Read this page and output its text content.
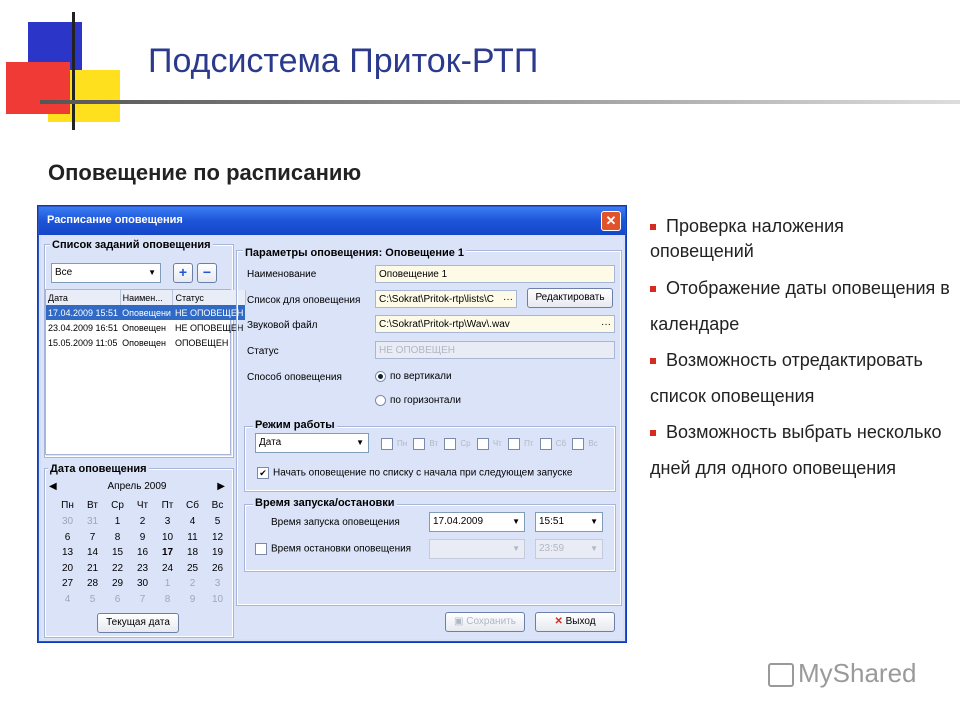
Подсистема Приток-РТП
Оповещение по расписанию
Проверка наложения оповещений
Отображение даты оповещения в календаре
Возможность отредактировать список оповещения
Возможность выбрать несколько дней для одного оповещения
Расписание оповещения	✕
Список заданий оповещения
Все	▼	+	−
Дата	Наимен...	Статус
17.04.2009 15:51	Оповещени	НЕ ОПОВЕЩЕН
23.04.2009 16:51	Оповещен	НЕ ОПОВЕЩЕН
15.05.2009 11:05	Оповещен	ОПОВЕЩЕН
Дата оповещения
◀	Апрель 2009	▶
Пн	Вт	Ср	Чт	Пт	Сб	Вс
30	31	1	2	3	4	5
6	7	8	9	10	11	12
13	14	15	16	17	18	19
20	21	22	23	24	25	26
27	28	29	30	1	2	3
4	5	6	7	8	9	10
Текущая дата
Параметры оповещения: Оповещение 1
Наименование	Оповещение 1
Список для оповещения	C:\Sokrat\Pritok-rtp\lists\C ···	Редактировать
Звуковой файл	C:\Sokrat\Pritok-rtp\Wav\.wav	···
Статус	НЕ ОПОВЕЩЕН
Способ оповещения	по вертикали
по горизонтали
Режим работы
Дата	▼	Пн	Вт	Ср	Чт	Пт	Сб	Вс
✔ Начать оповещение по списку с начала при следующем запуске
Время запуска/остановки
Время запуска оповещения	17.04.2009	▼	15:51	▼
Время остановки оповещения	▼	23:59	▼
▣ Сохранить	✕ Выход
MyShared
